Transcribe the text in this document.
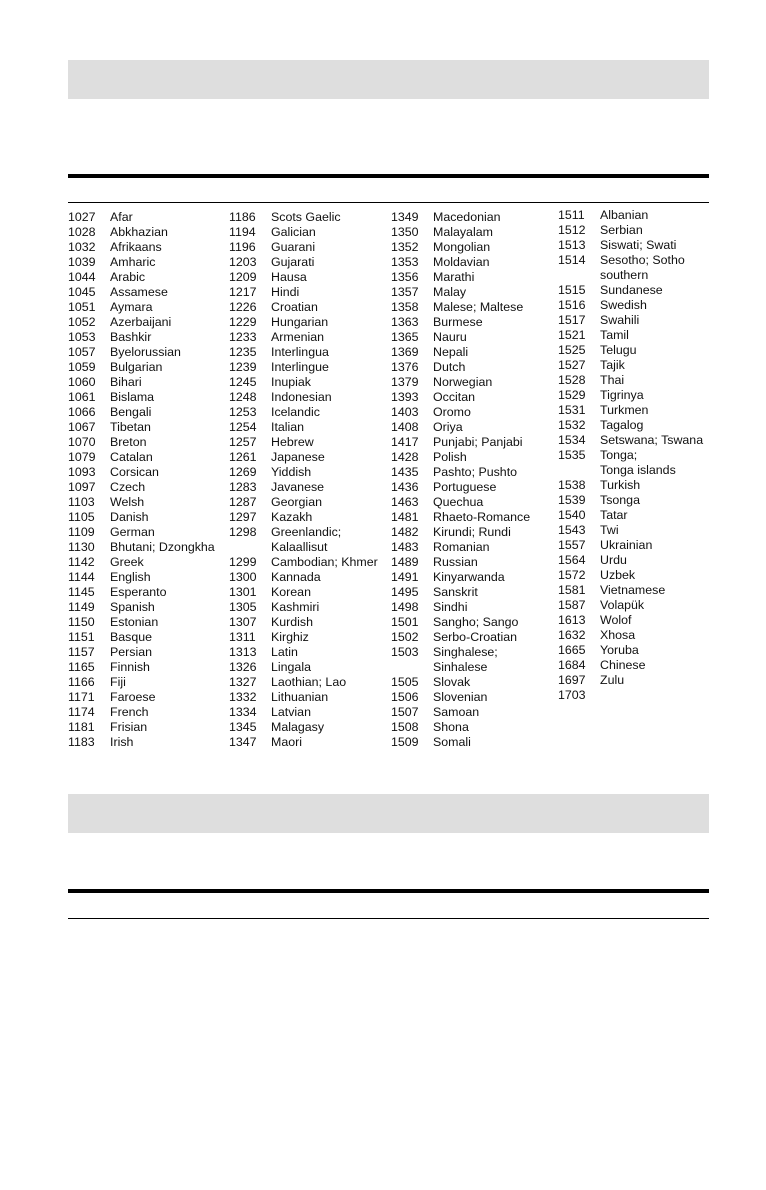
1027	Afar
1028	Abkhazian
1032	Afrikaans
1039	Amharic
1044	Arabic
1045	Assamese
1051	Aymara
1052	Azerbaijani
1053	Bashkir
1057	Byelorussian
1059	Bulgarian
1060	Bihari
1061	Bislama
1066	Bengali
1067	Tibetan
1070	Breton
1079	Catalan
1093	Corsican
1097	Czech
1103	Welsh
1105	Danish
1109	German
1130	Bhutani; Dzongkha
1142	Greek
1144	English
1145	Esperanto
1149	Spanish
1150	Estonian
1151	Basque
1157	Persian
1165	Finnish
1166	Fiji
1171	Faroese
1174	French
1181	Frisian
1183	Irish
1186	Scots Gaelic
1194	Galician
1196	Guarani
1203	Gujarati
1209	Hausa
1217	Hindi
1226	Croatian
1229	Hungarian
1233	Armenian
1235	Interlingua
1239	Interlingue
1245	Inupiak
1248	Indonesian
1253	Icelandic
1254	Italian
1257	Hebrew
1261	Japanese
1269	Yiddish
1283	Javanese
1287	Georgian
1297	Kazakh
1298	Greenlandic;
Kalaallisut
1299	Cambodian; Khmer
1300	Kannada
1301	Korean
1305	Kashmiri
1307	Kurdish
1311	Kirghiz
1313	Latin
1326	Lingala
1327	Laothian; Lao
1332	Lithuanian
1334	Latvian
1345	Malagasy
1347	Maori
1349	Macedonian
1350	Malayalam
1352	Mongolian
1353	Moldavian
1356	Marathi
1357	Malay
1358	Malese; Maltese
1363	Burmese
1365	Nauru
1369	Nepali
1376	Dutch
1379	Norwegian
1393	Occitan
1403	Oromo
1408	Oriya
1417	Punjabi; Panjabi
1428	Polish
1435	Pashto; Pushto
1436	Portuguese
1463	Quechua
1481	Rhaeto-Romance
1482	Kirundi; Rundi
1483	Romanian
1489	Russian
1491	Kinyarwanda
1495	Sanskrit
1498	Sindhi
1501	Sangho; Sango
1502	Serbo-Croatian
1503	Singhalese;
Sinhalese
1505	Slovak
1506	Slovenian
1507	Samoan
1508	Shona
1509	Somali
1511	Albanian
1512	Serbian
1513	Siswati; Swati
1514	Sesotho; Sotho
southern
1515	Sundanese
1516	Swedish
1517	Swahili
1521	Tamil
1525	Telugu
1527	Tajik
1528	Thai
1529	Tigrinya
1531	Turkmen
1532	Tagalog
1534	Setswana; Tswana
1535	Tonga;
Tonga islands
1538	Turkish
1539	Tsonga
1540	Tatar
1543	Twi
1557	Ukrainian
1564	Urdu
1572	Uzbek
1581	Vietnamese
1587	Volapük
1613	Wolof
1632	Xhosa
1665	Yoruba
1684	Chinese
1697	Zulu
1703
